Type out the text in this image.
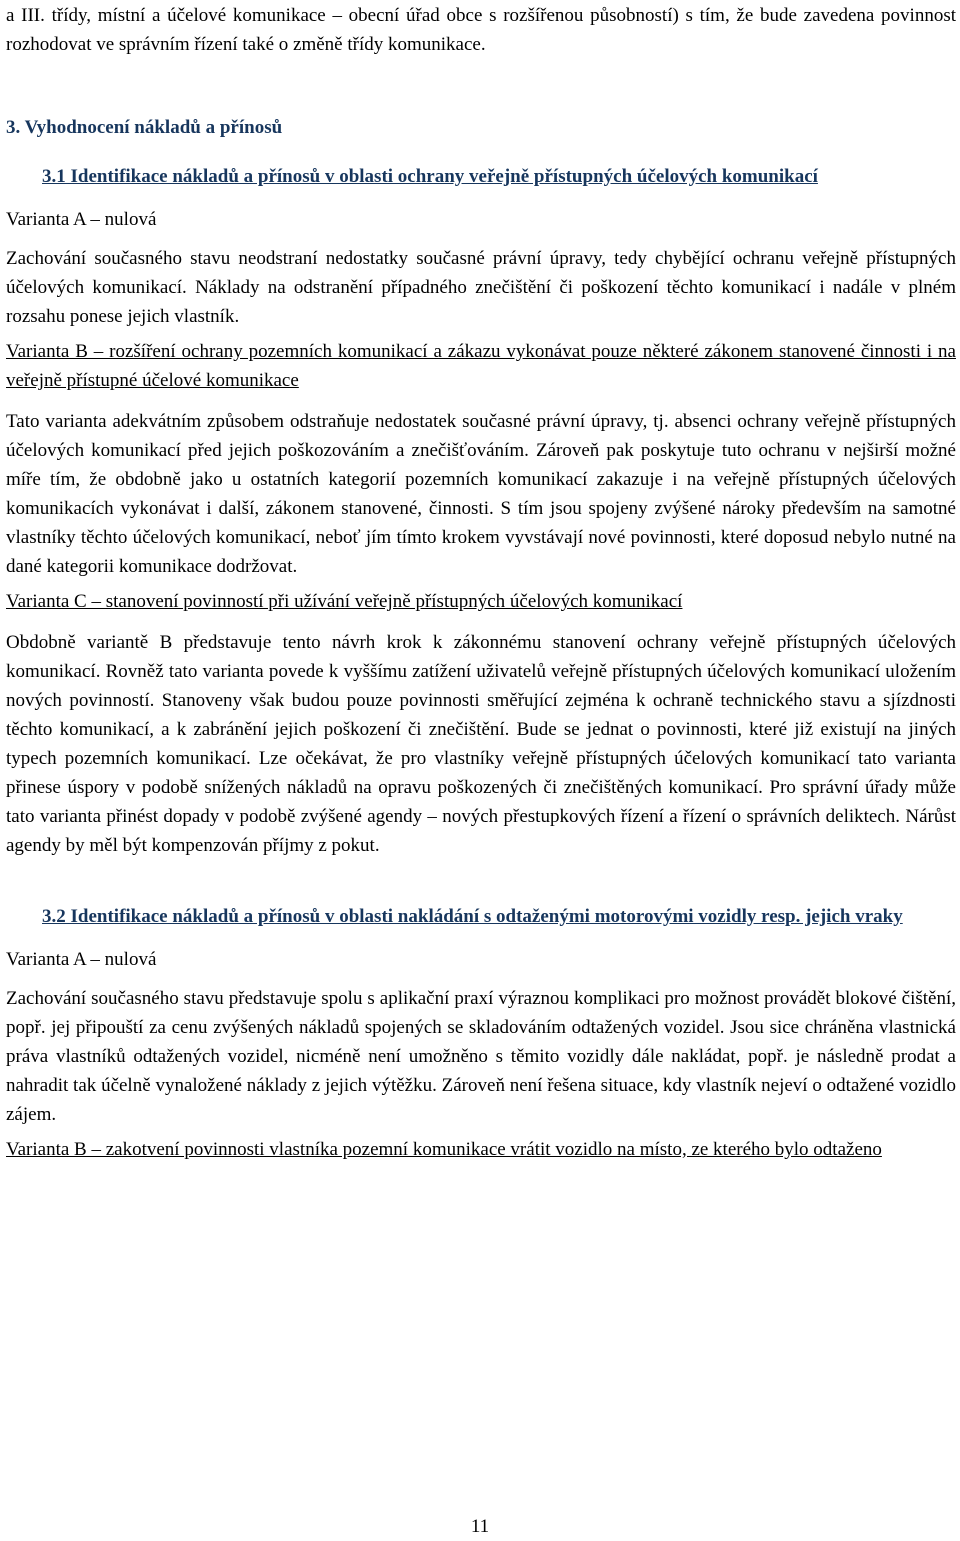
a III. třídy, místní a účelové komunikace – obecní úřad obce s rozšířenou působností) s tím, že bude zavedena povinnost rozhodovat ve správním řízení také o změně třídy komunikace.

3. Vyhodnocení nákladů a přínosů

3.1 Identifikace nákladů a přínosů v oblasti ochrany veřejně přístupných účelových komunikací

Varianta A – nulová

Zachování současného stavu neodstraní nedostatky současné právní úpravy, tedy chybějící ochranu veřejně přístupných účelových komunikací. Náklady na odstranění případného znečištění či poškození těchto komunikací i nadále v plném rozsahu ponese jejich vlastník.

Varianta B – rozšíření ochrany pozemních komunikací a zákazu vykonávat pouze některé zákonem stanovené činnosti i na veřejně přístupné účelové komunikace

Tato varianta adekvátním způsobem odstraňuje nedostatek současné právní úpravy, tj. absenci ochrany veřejně přístupných účelových komunikací před jejich poškozováním a znečišťováním. Zároveň pak poskytuje tuto ochranu v nejširší možné míře tím, že obdobně jako u ostatních kategorií pozemních komunikací zakazuje i na veřejně přístupných účelových komunikacích vykonávat i další, zákonem stanovené, činnosti. S tím jsou spojeny zvýšené nároky především na samotné vlastníky těchto účelových komunikací, neboť jím tímto krokem vyvstávají nové povinnosti, které doposud nebylo nutné na dané kategorii komunikace dodržovat.

Varianta C – stanovení povinností při užívání veřejně přístupných účelových komunikací

Obdobně variantě B představuje tento návrh krok k zákonnému stanovení ochrany veřejně přístupných účelových komunikací. Rovněž tato varianta povede k vyššímu zatížení uživatelů veřejně přístupných účelových komunikací uložením nových povinností. Stanoveny však budou pouze povinnosti směřující zejména k ochraně technického stavu a sjízdnosti těchto komunikací, a k zabránění jejich poškození či znečištění. Bude se jednat o povinnosti, které již existují na jiných typech pozemních komunikací. Lze očekávat, že pro vlastníky veřejně přístupných účelových komunikací tato varianta přinese úspory v podobě snížených nákladů na opravu poškozených či znečištěných komunikací. Pro správní úřady může tato varianta přinést dopady v podobě zvýšené agendy – nových přestupkových řízení a řízení o správních deliktech. Nárůst agendy by měl být kompenzován příjmy z pokut.

3.2 Identifikace nákladů a přínosů v oblasti nakládání s odtaženými motorovými vozidly resp. jejich vraky

Varianta A – nulová

Zachování současného stavu představuje spolu s aplikační praxí výraznou komplikaci pro možnost provádět blokové čištění, popř. jej připouští za cenu zvýšených nákladů spojených se skladováním odtažených vozidel. Jsou sice chráněna vlastnická práva vlastníků odtažených vozidel, nicméně není umožněno s těmito vozidly dále nakládat, popř. je následně prodat a nahradit tak účelně vynaložené náklady z jejich výtěžku. Zároveň není řešena situace, kdy vlastník nejeví o odtažené vozidlo zájem.

Varianta B – zakotvení povinnosti vlastníka pozemní komunikace vrátit vozidlo na místo, ze kterého bylo odtaženo

11
